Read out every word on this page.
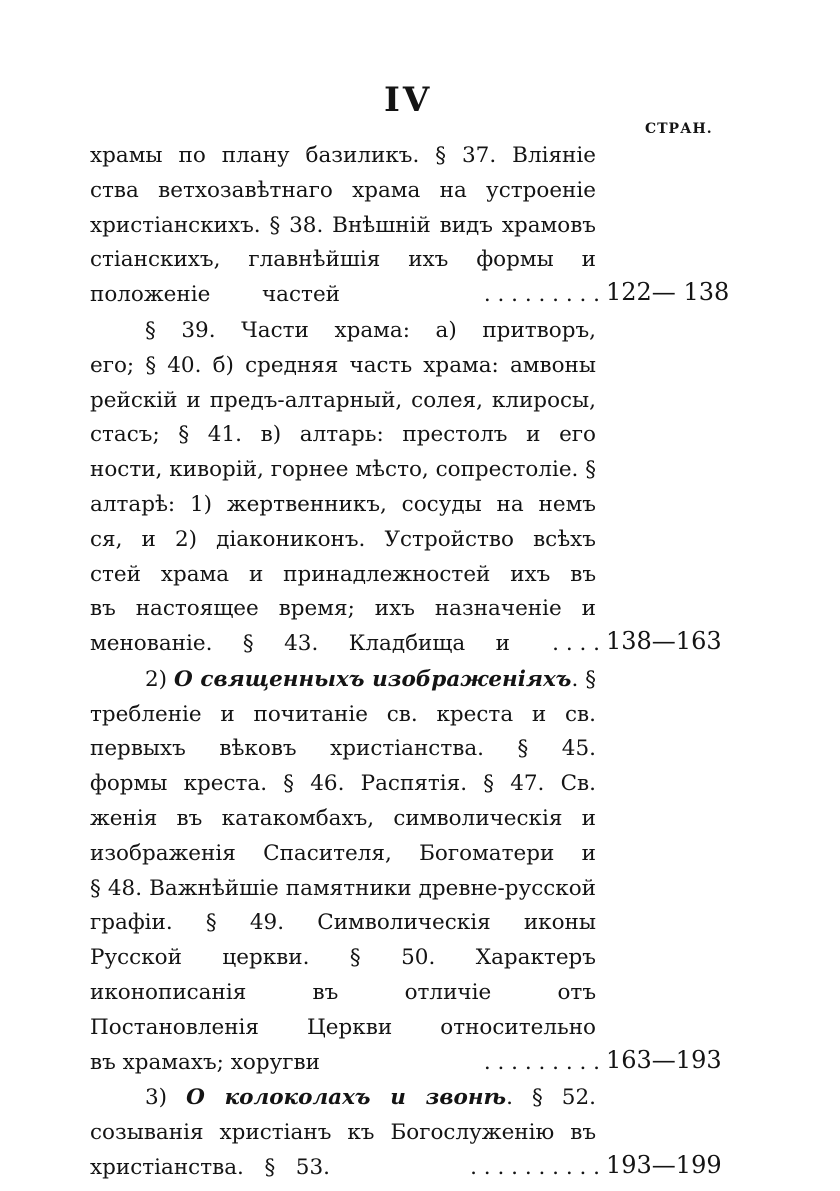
IV
СТРАН.
храмы по плану базиликъ. § 37. Вліяніе
ства ветхозавѣтнаго храма на устроеніе
христіанскихъ. § 38. Внѣшній видъ храмовъ
стіанскихъ, главнѣйшія ихъ формы и
положеніе частей	. . . . . . . . . 122— 138
§ 39. Части храма: а) притворъ,
его; § 40. б) средняя часть храма: амвоны
рейскій и предъ-алтарный, солея, клиросы,
стасъ; § 41. в) алтарь: престолъ и его
ности, киворій, горнее мѣсто, сопрестоліе. §
алтарѣ: 1) жертвенникъ, сосуды на немъ
ся, и 2) діакониконъ. Устройство всѣхъ
стей храма и принадлежностей ихъ въ
въ настоящее время; ихъ назначеніе и
менованіе. § 43. Кладбища и	. . . . 138—163
2) О священныхъ изображеніяхъ. §
требленіе и почитаніе св. креста и св.
первыхъ вѣковъ христіанства. § 45.
формы креста. § 46. Распятія. § 47. Св.
женія въ катакомбахъ, символическія и
изображенія Спасителя, Богоматери и
§ 48. Важнѣйшіе памятники древне-русской
графіи. § 49. Символическія иконы
Русской церкви. § 50. Характеръ
иконописанія въ отличіе отъ
Постановленія Церкви относительно
въ храмахъ; хоругви	. . . . . . . . . 163—193
3) О колоколахъ и звонѣ. § 52.
созыванія христіанъ къ Богослуженію въ
христіанства. § 53.	. . . . . . . . . . 193—199
